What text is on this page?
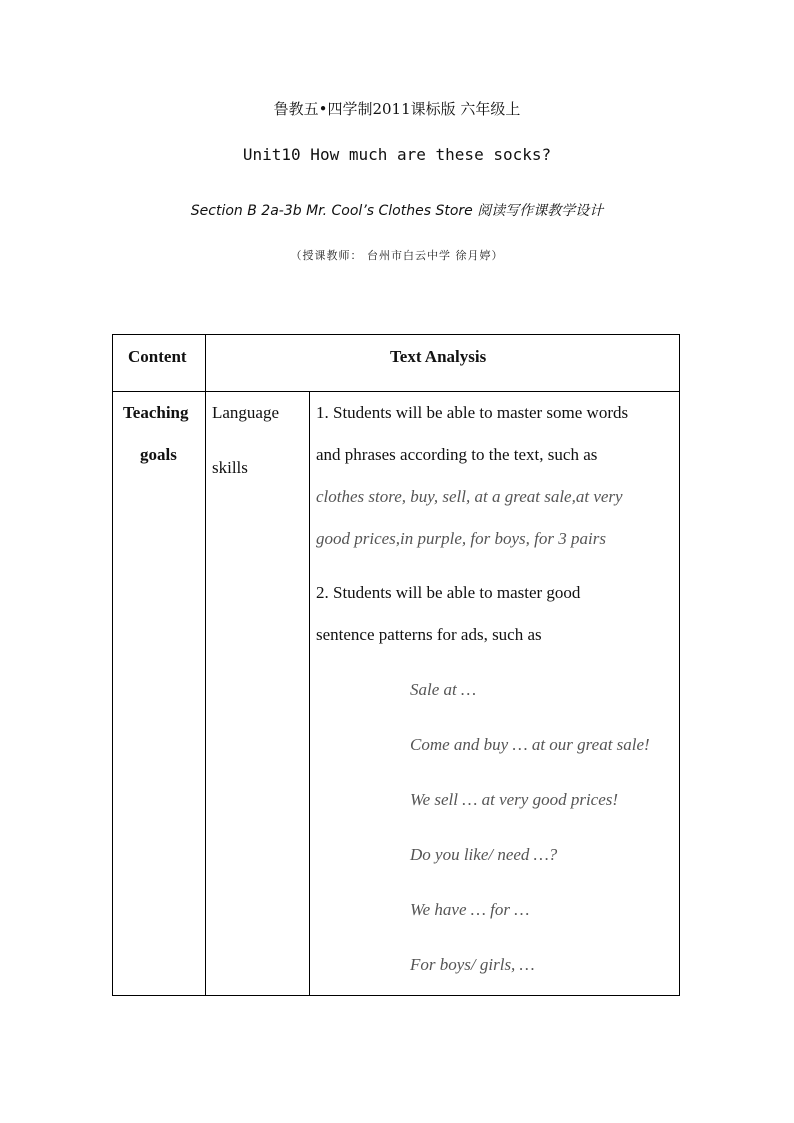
鲁教五•四学制2011课标版 六年级上
Unit10 How much are these socks?
Section B 2a-3b Mr. Cool’s Clothes Store 阅读写作课教学设计
（授课教师： 台州市白云中学 徐月婷）
Content	Text Analysis
Teaching
goals
Language
skills
1. Students will be able to master some words
and phrases according to the text, such as
clothes store, buy, sell, at a great sale,at very
good prices,in purple, for boys, for 3 pairs
2. Students will be able to master good
sentence patterns for ads, such as
Sale at …
Come and buy … at our great sale!
We sell … at very good prices!
Do you like/ need …?
We have … for …
For boys/ girls, …
